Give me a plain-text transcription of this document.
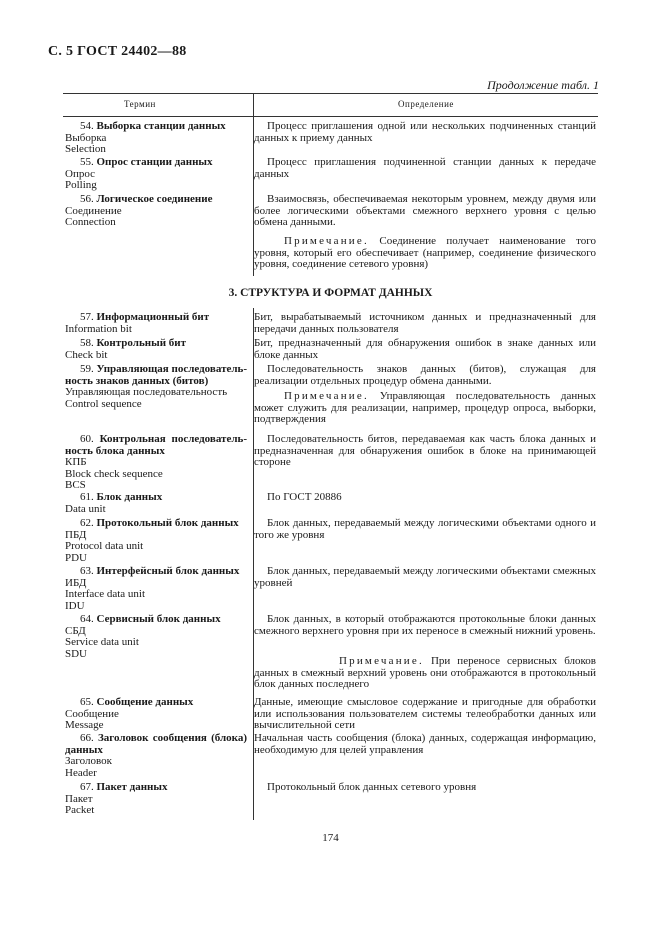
С. 5 ГОСТ 24402—88
Продолжение табл. 1
Термин	Определение
54. Выборка станции данных
Выборка
Selection
Процесс приглашения одной или нескольких подчиненных станций данных к приему данных
55. Опрос станции данных
Опрос
Polling
Процесс приглашения подчиненной станции данных к передаче данных
56. Логическое соединение
Соединение
Connection
Взаимосвязь, обеспечиваемая некоторым уровнем, между двумя или более логическими объектами смежного верхнего уровня с целью обмена данными.
Примечание. Соединение получает наименование того уровня, который его обеспечивает (например, соединение физического уровня, соединение сетевого уровня)
3. СТРУКТУРА И ФОРМАТ ДАННЫХ
57. Информационный бит
Information bit
Бит, вырабатываемый источником данных и предназначенный для передачи данных пользователя
58. Контрольный бит
Check bit
Бит, предназначенный для обнаружения ошибок в знаке данных или блоке данных
59. Управляющая последователь-
ность знаков данных (битов)
Управляющая последовательность
Control sequence
Последовательность знаков данных (битов), служащая для реализации отдельных процедур обмена данными.
Примечание. Управляющая последовательность данных может служить для реализации, например, процедур опроса, выборки, подтверждения
60. Контрольная последователь-
ность блока данных
КПБ
Block check sequence
BCS
Последовательность битов, передаваемая как часть блока данных и предназначенная для обнаружения ошибок в блоке на принимающей стороне
61. Блок данных
Data unit
По ГОСТ 20886
62. Протокольный блок данных
ПБД
Protocol data unit
PDU
Блок данных, передаваемый между логическими объектами одного и того же уровня
63. Интерфейсный блок данных
ИБД
Interface data unit
IDU
Блок данных, передаваемый между логическими объектами смежных уровней
64. Сервисный блок данных
СБД
Service data unit
SDU
Блок данных, в который отображаются протокольные блоки данных смежного верхнего уровня при их переносе в смежный нижний уровень.
Примечание. При переносе сервисных блоков данных в смежный верхний уровень они отображаются в протокольный блок данных последнего
65. Сообщение данных
Сообщение
Message
Данные, имеющие смысловое содержание и пригодные для обработки или использования пользователем системы телеобработки данных или вычислительной сети
66. Заголовок сообщения (блока)
данных
Заголовок
Header
Начальная часть сообщения (блока) данных, содержащая информацию, необходимую для целей управления
67. Пакет данных
Пакет
Packet
Протокольный блок данных сетевого уровня
174
